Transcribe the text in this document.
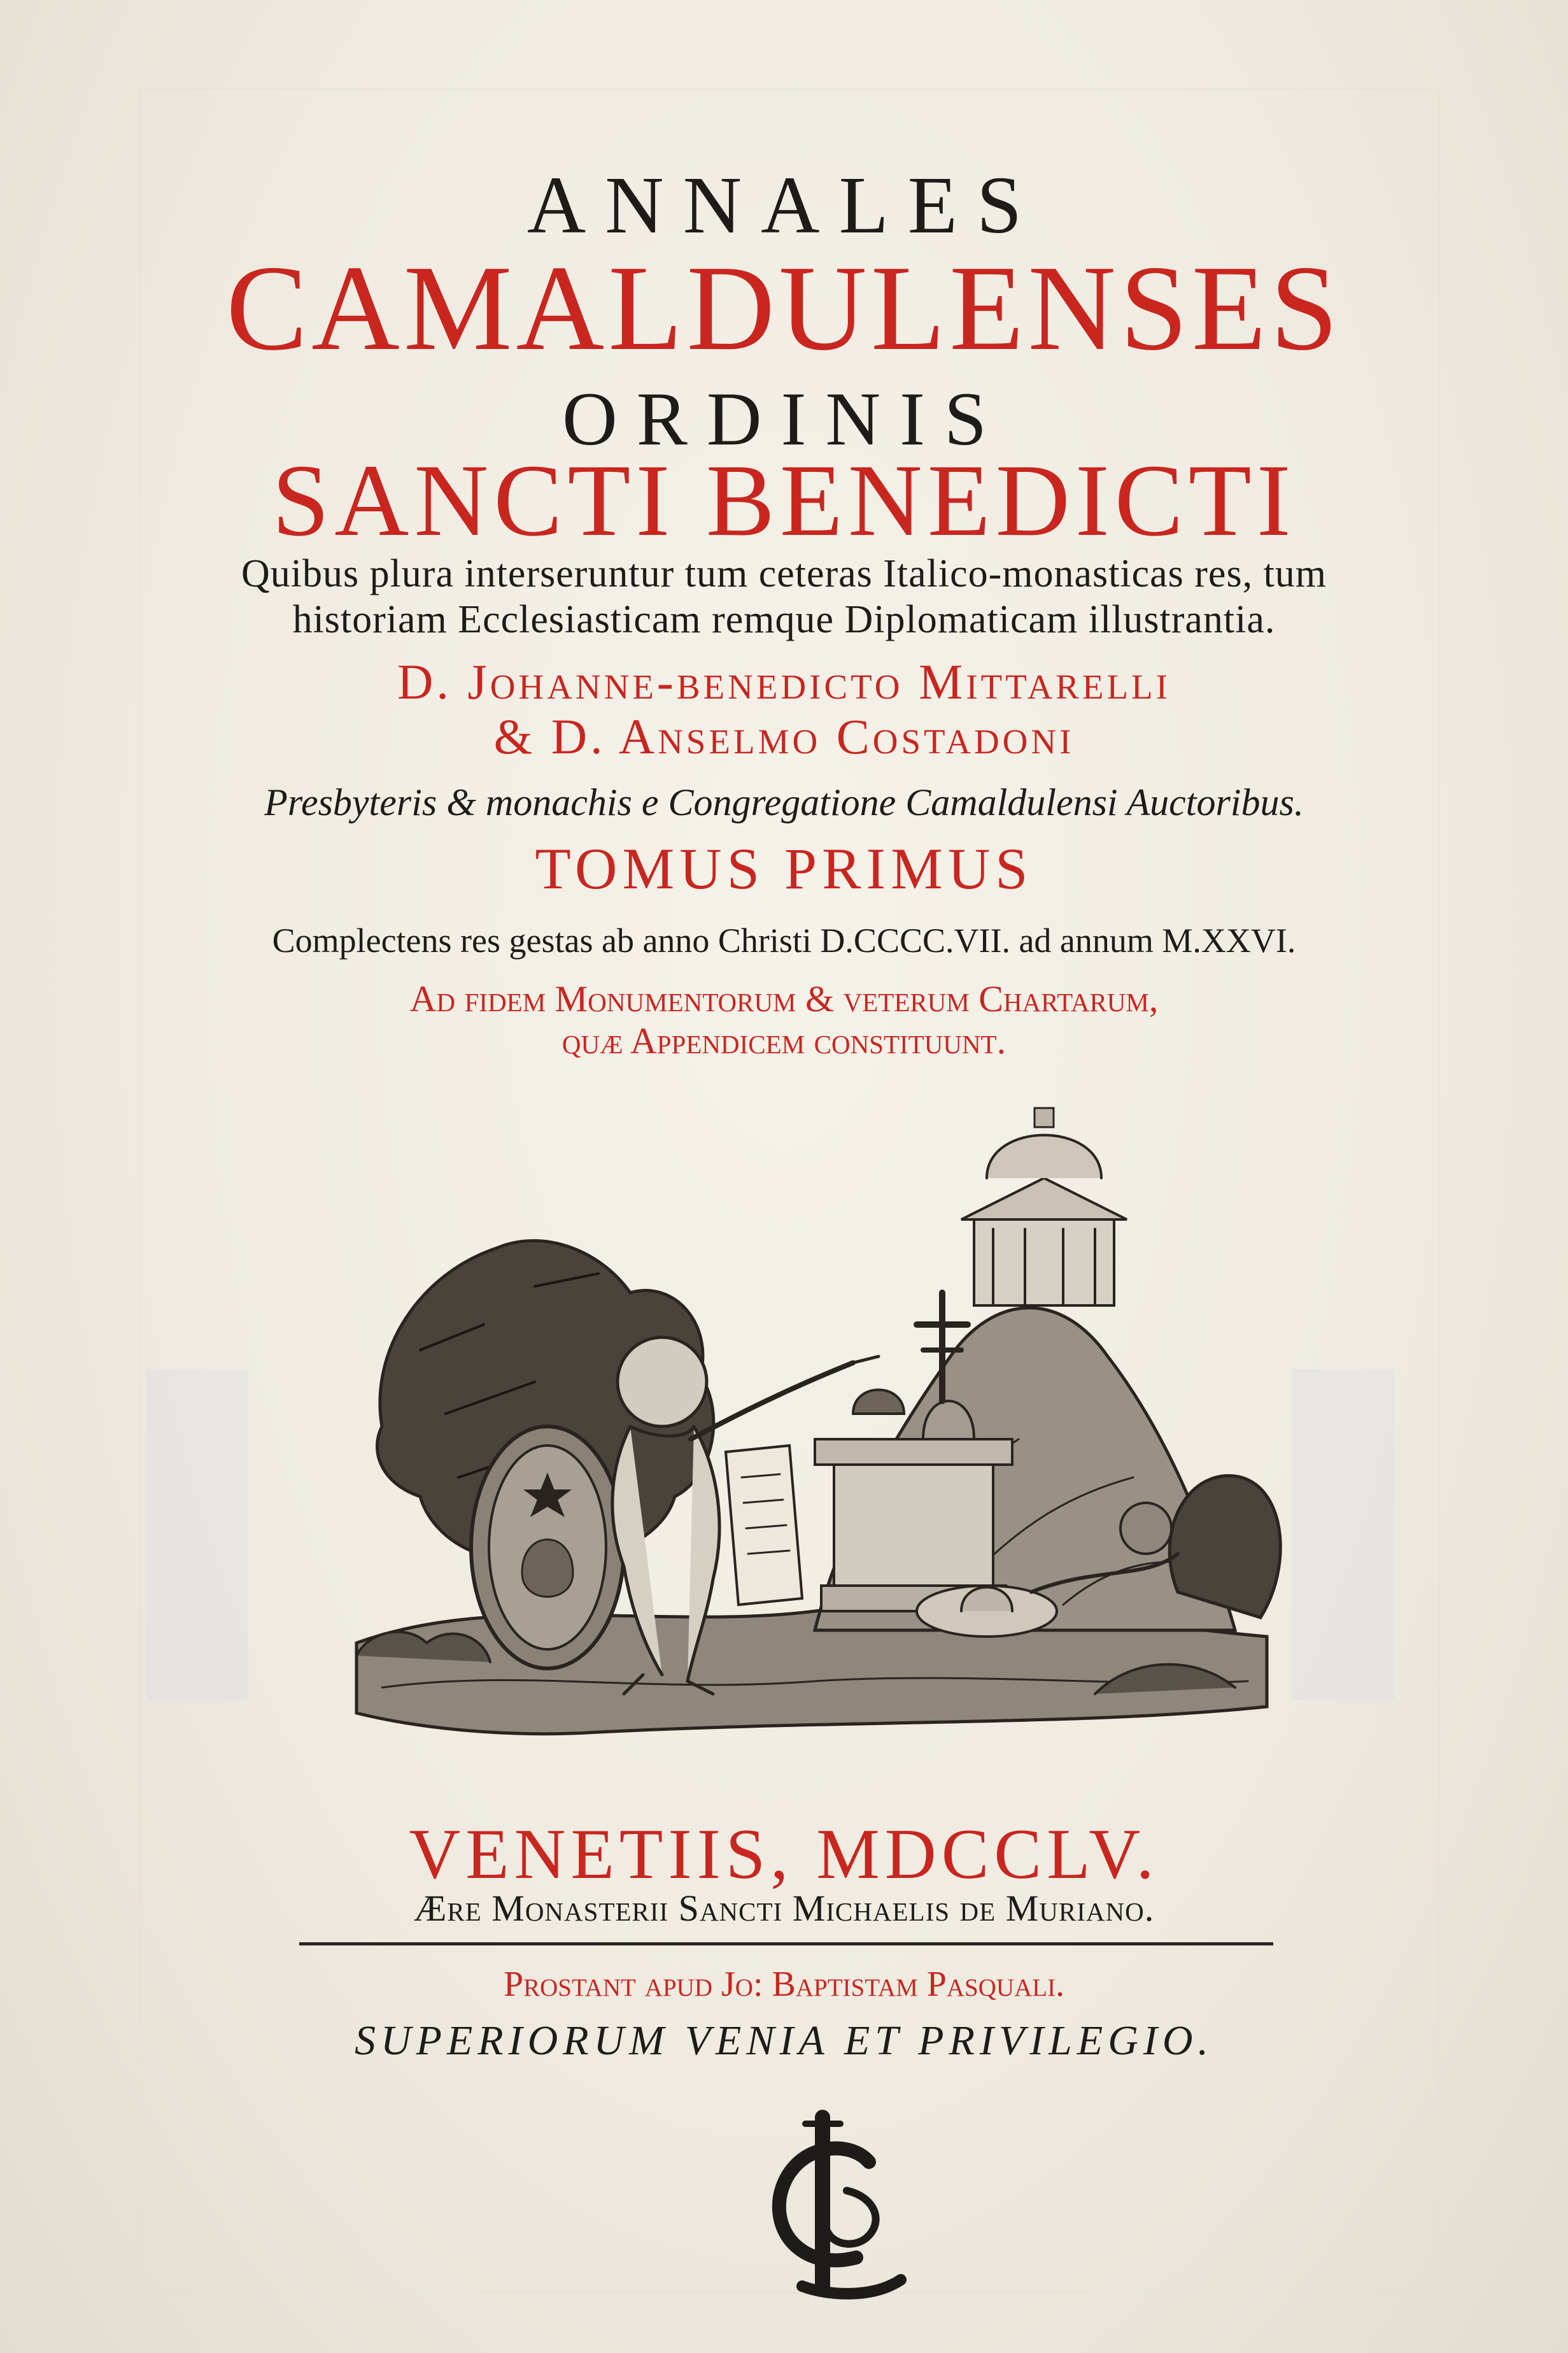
ANNALES
CAMALDULENSES
ORDINIS
SANCTI BENEDICTI
Quibus plura interseruntur tum ceteras Italico-monasticas res, tum
historiam Ecclesiasticam remque Diplomaticam illustrantia.
D. Johanne-benedicto Mittarelli
& D. Anselmo Costadoni
Presbyteris & monachis e Congregatione Camaldulensi Auctoribus.
TOMUS PRIMUS
Complectens res gestas ab anno Christi D.CCCC.VII. ad annum M.XXVI.
Ad fidem Monumentorum & veterum Chartarum,
quæ Appendicem constituunt.
VENETIIS, MDCCLV.
Ære Monasterii Sancti Michaelis de Muriano.
Prostant apud Jo: Baptistam Pasquali.
SUPERIORUM VENIA ET PRIVILEGIO.
